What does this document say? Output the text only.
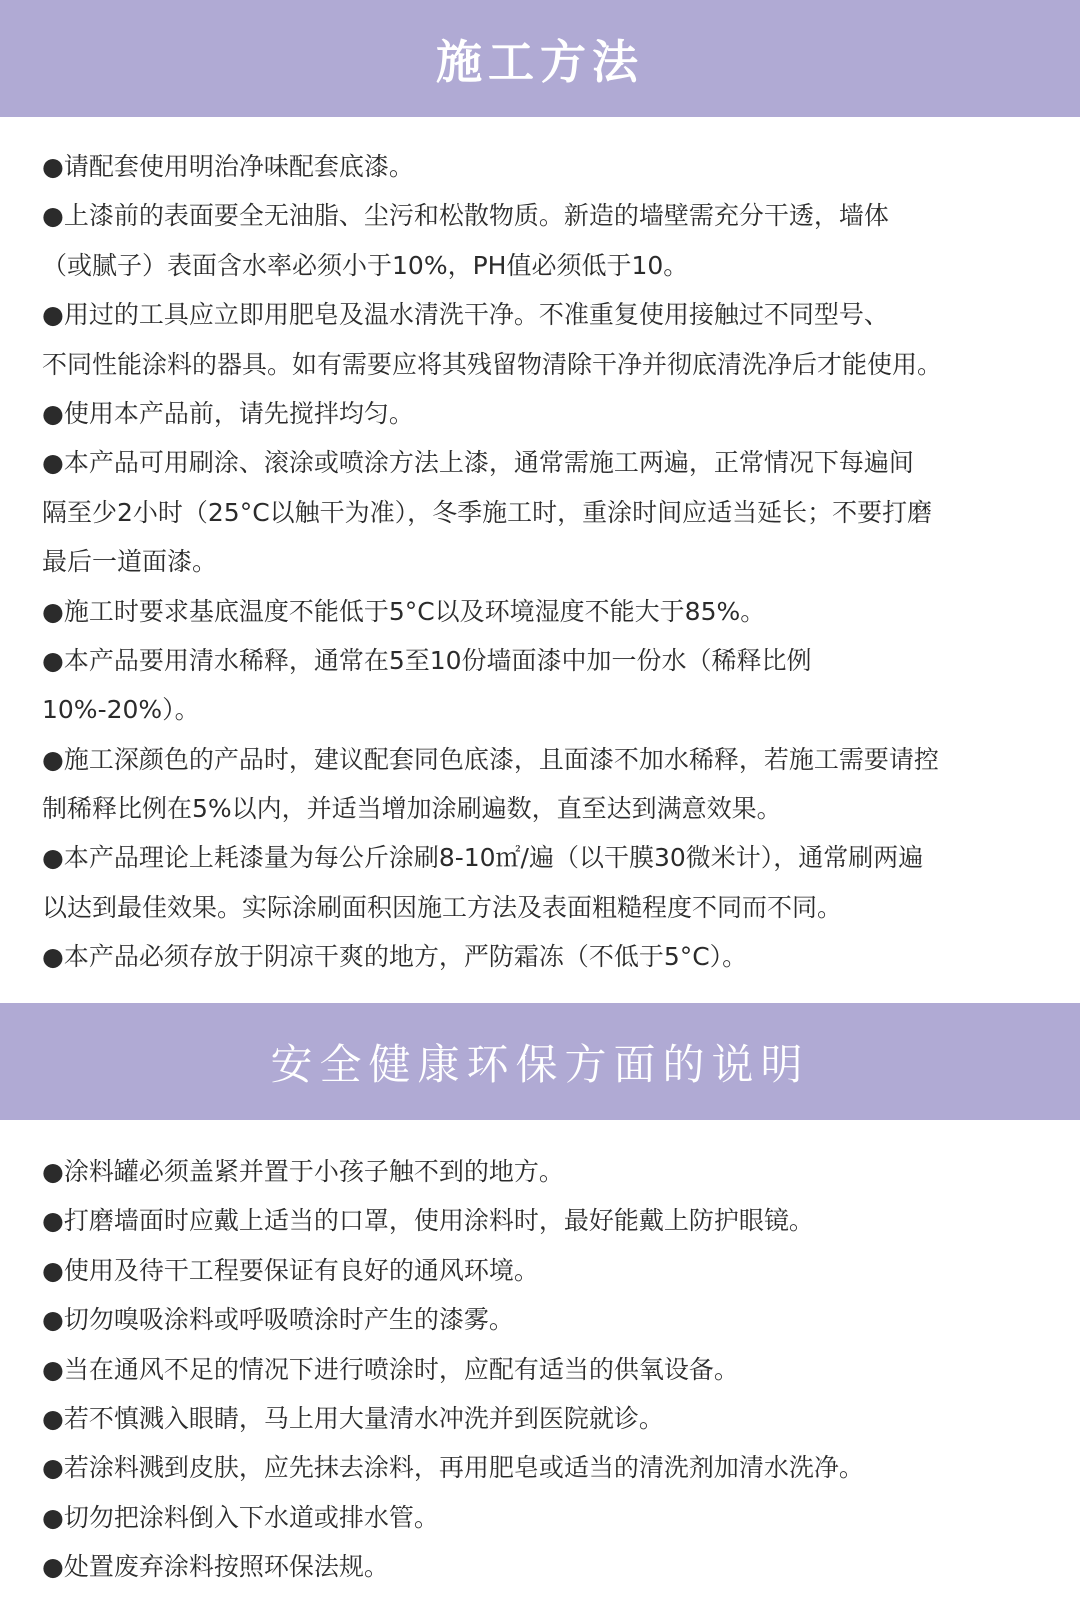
施工方法
●请配套使用明治净味配套底漆。
●上漆前的表面要全无油脂、尘污和松散物质。新造的墙壁需充分干透，墙体
（或腻子）表面含水率必须小于10%，PH值必须低于10。
●用过的工具应立即用肥皂及温水清洗干净。不准重复使用接触过不同型号、
不同性能涂料的器具。如有需要应将其残留物清除干净并彻底清洗净后才能使用。
●使用本产品前，请先搅拌均匀。
●本产品可用刷涂、滚涂或喷涂方法上漆，通常需施工两遍，正常情况下每遍间
隔至少2小时（25°C以触干为准），冬季施工时，重涂时间应适当延长；不要打磨
最后一道面漆。
●施工时要求基底温度不能低于5°C以及环境湿度不能大于85%。
●本产品要用清水稀释，通常在5至10份墙面漆中加一份水（稀释比例
10%-20%）。
●施工深颜色的产品时，建议配套同色底漆，且面漆不加水稀释，若施工需要请控
制稀释比例在5%以内，并适当增加涂刷遍数，直至达到满意效果。
●本产品理论上耗漆量为每公斤涂刷8-10㎡/遍（以干膜30微米计），通常刷两遍
以达到最佳效果。实际涂刷面积因施工方法及表面粗糙程度不同而不同。
●本产品必须存放于阴凉干爽的地方，严防霜冻（不低于5°C）。
安全健康环保方面的说明
●涂料罐必须盖紧并置于小孩子触不到的地方。
●打磨墙面时应戴上适当的口罩，使用涂料时，最好能戴上防护眼镜。
●使用及待干工程要保证有良好的通风环境。
●切勿嗅吸涂料或呼吸喷涂时产生的漆雾。
●当在通风不足的情况下进行喷涂时，应配有适当的供氧设备。
●若不慎溅入眼睛，马上用大量清水冲洗并到医院就诊。
●若涂料溅到皮肤，应先抹去涂料，再用肥皂或适当的清洗剂加清水洗净。
●切勿把涂料倒入下水道或排水管。
●处置废弃涂料按照环保法规。
